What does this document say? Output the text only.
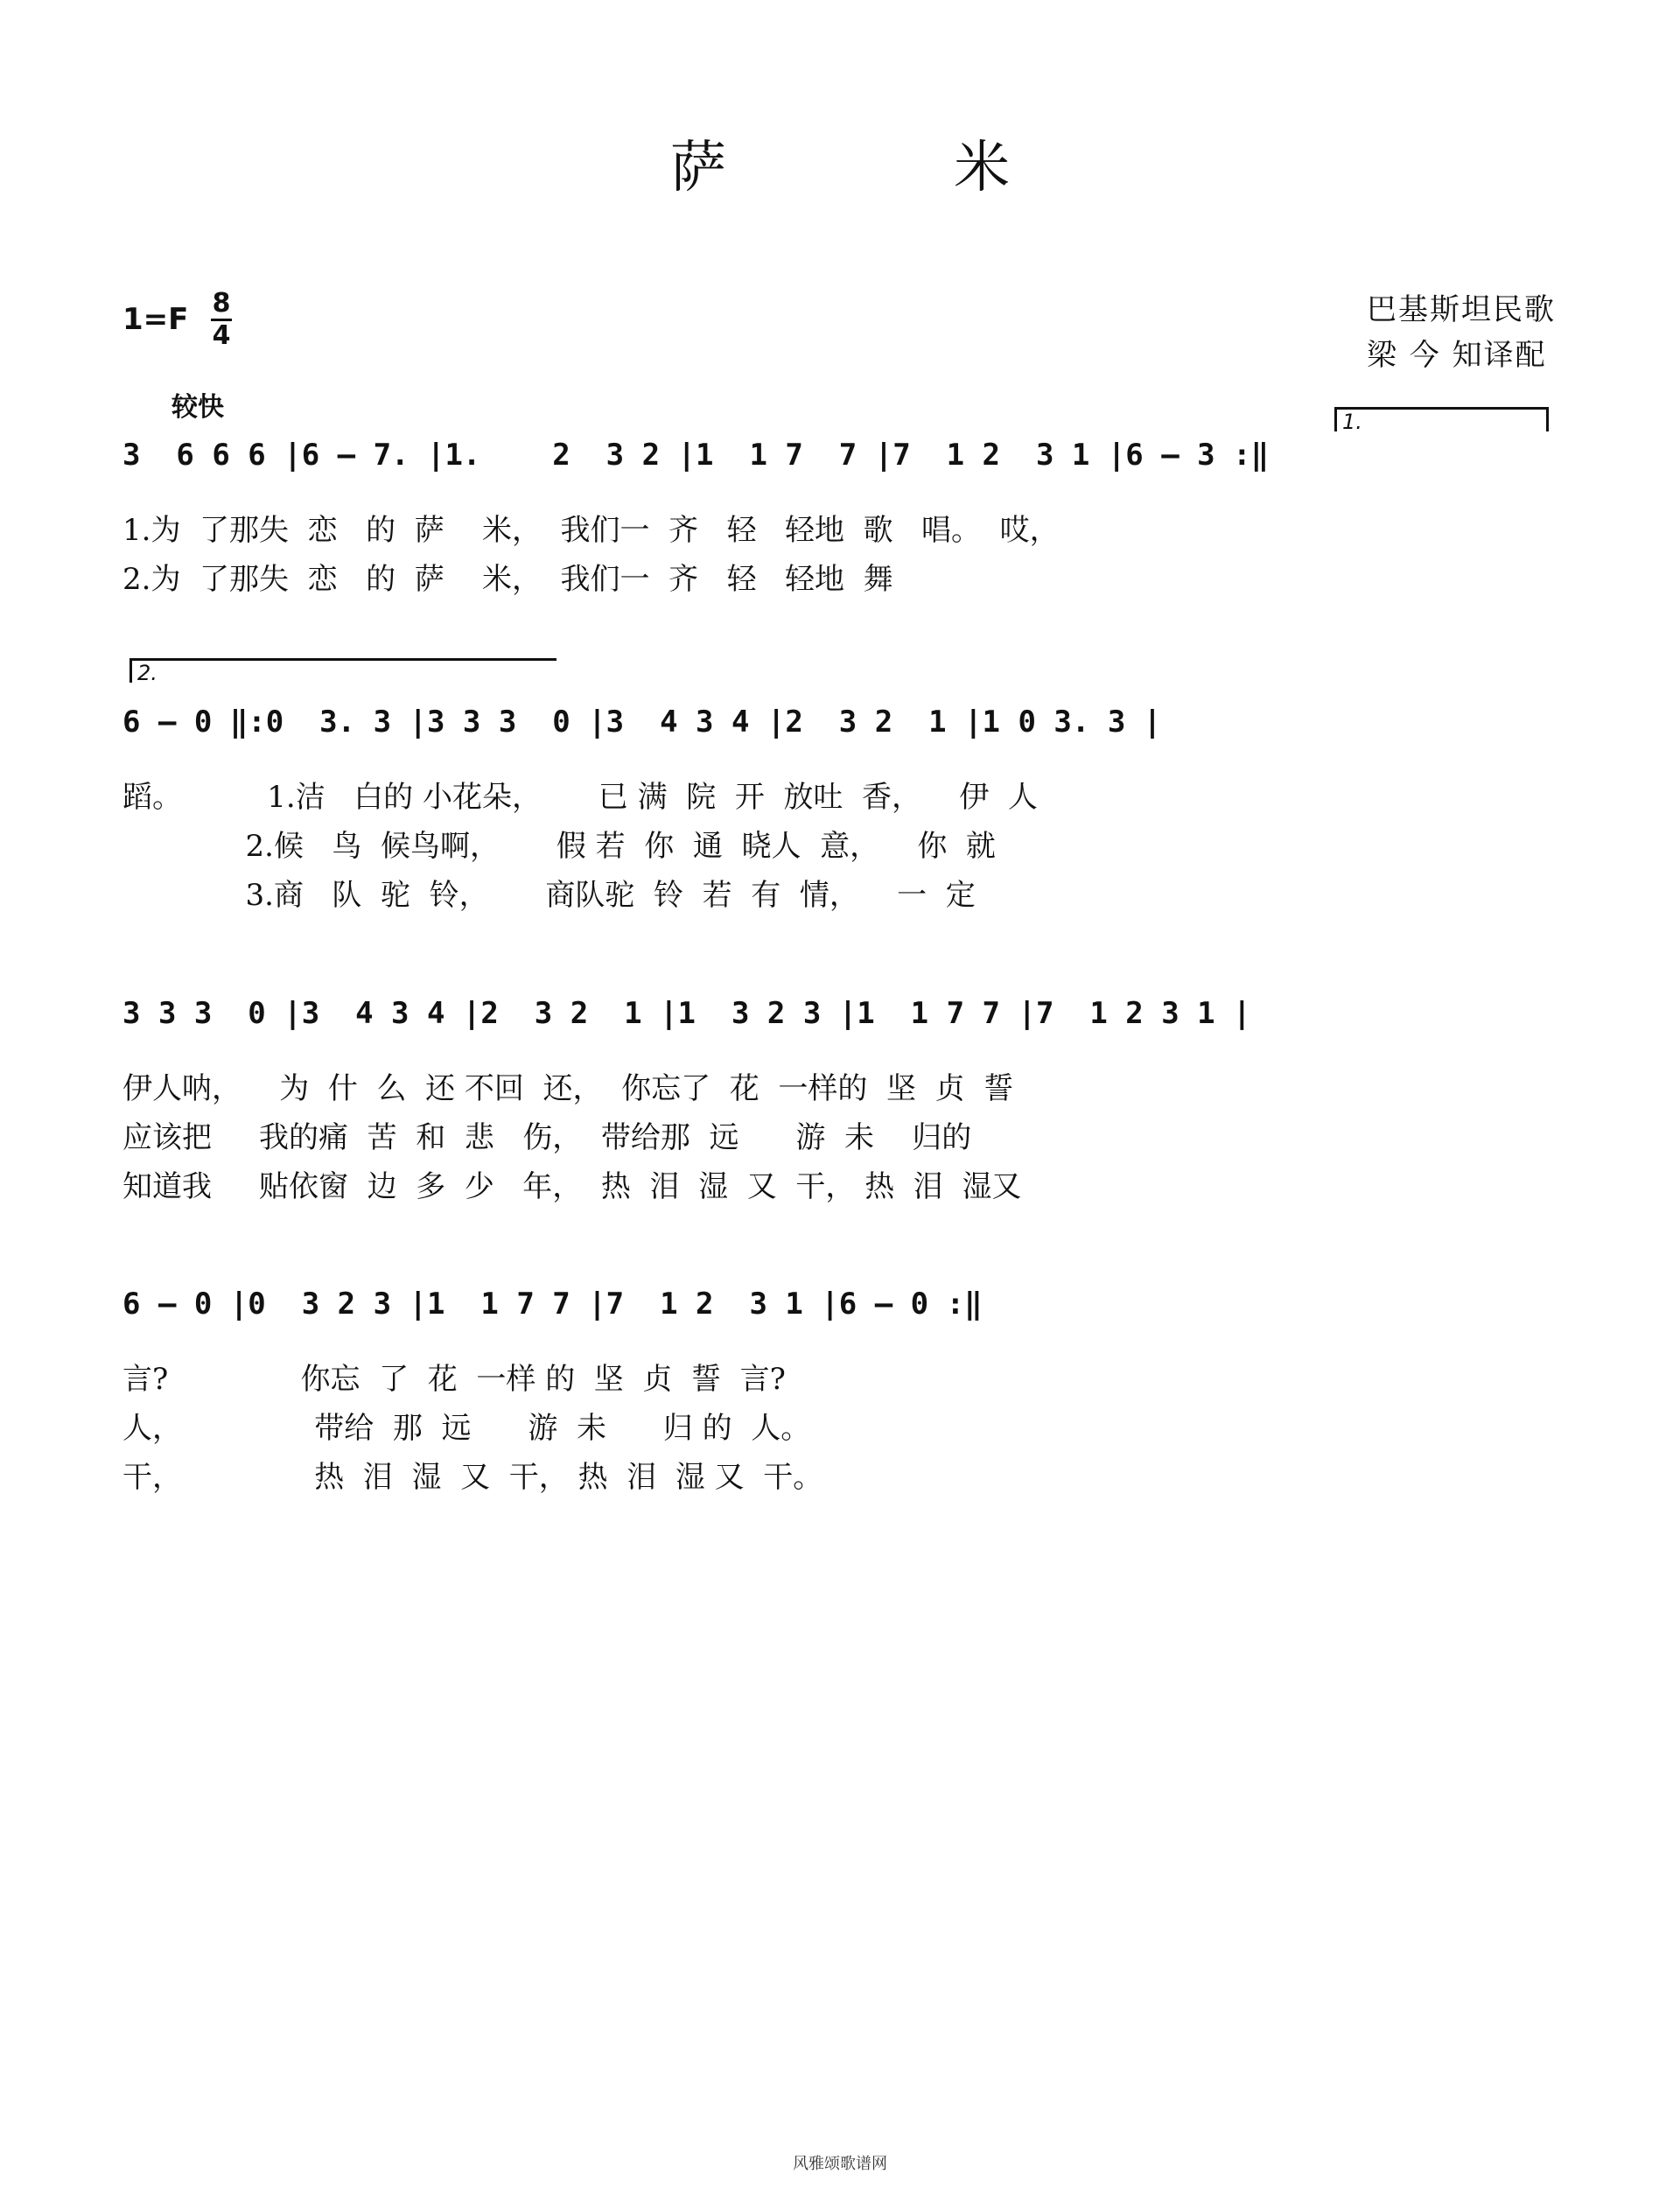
萨 米
1=F 8
4
巴基斯坦民歌
梁 今 知译配
较快	1.
3  6 6 6 |6 – 7. |1.    2  3 2 |1  1 7  7 |7  1 2  3 1 |6 – 3 :‖
1.为  了那失  恋   的  萨    米，  我们一  齐   轻   轻地  歌   唱。  哎，
2.为  了那失  恋   的  萨    米，  我们一  齐   轻   轻地  舞
2.
6 – 0 ‖:0  3. 3 |3 3 3  0 |3  4 3 4 |2  3 2  1 |1 0 3. 3 |
蹈。         1.洁   白的 小花朵，      已 满  院  开  放吐  香，    伊  人
2.候   鸟  候鸟啊，      假 若  你  通  晓人  意，    你  就
3.商   队  驼  铃，      商队驼  铃  若  有  情，    一  定
3 3 3  0 |3  4 3 4 |2  3 2  1 |1  3 2 3 |1  1 7 7 |7  1 2 3 1 |
伊人呐，    为  什  么  还 不回  还，  你忘了  花  一样的  坚  贞  誓
应该把     我的痛  苦  和  悲   伤，  带给那  远      游  未    归的
知道我     贴依窗  边  多  少   年，  热  泪  湿  又  干， 热  泪  湿又
6 – 0 |0  3 2 3 |1  1 7 7 |7  1 2  3 1 |6 – 0 :‖
言?              你忘  了  花  一样 的  坚  贞  誓  言?
人，              带给  那  远      游  未      归 的  人。
干，              热  泪  湿  又  干， 热  泪  湿 又  干。
风雅颂歌谱网
